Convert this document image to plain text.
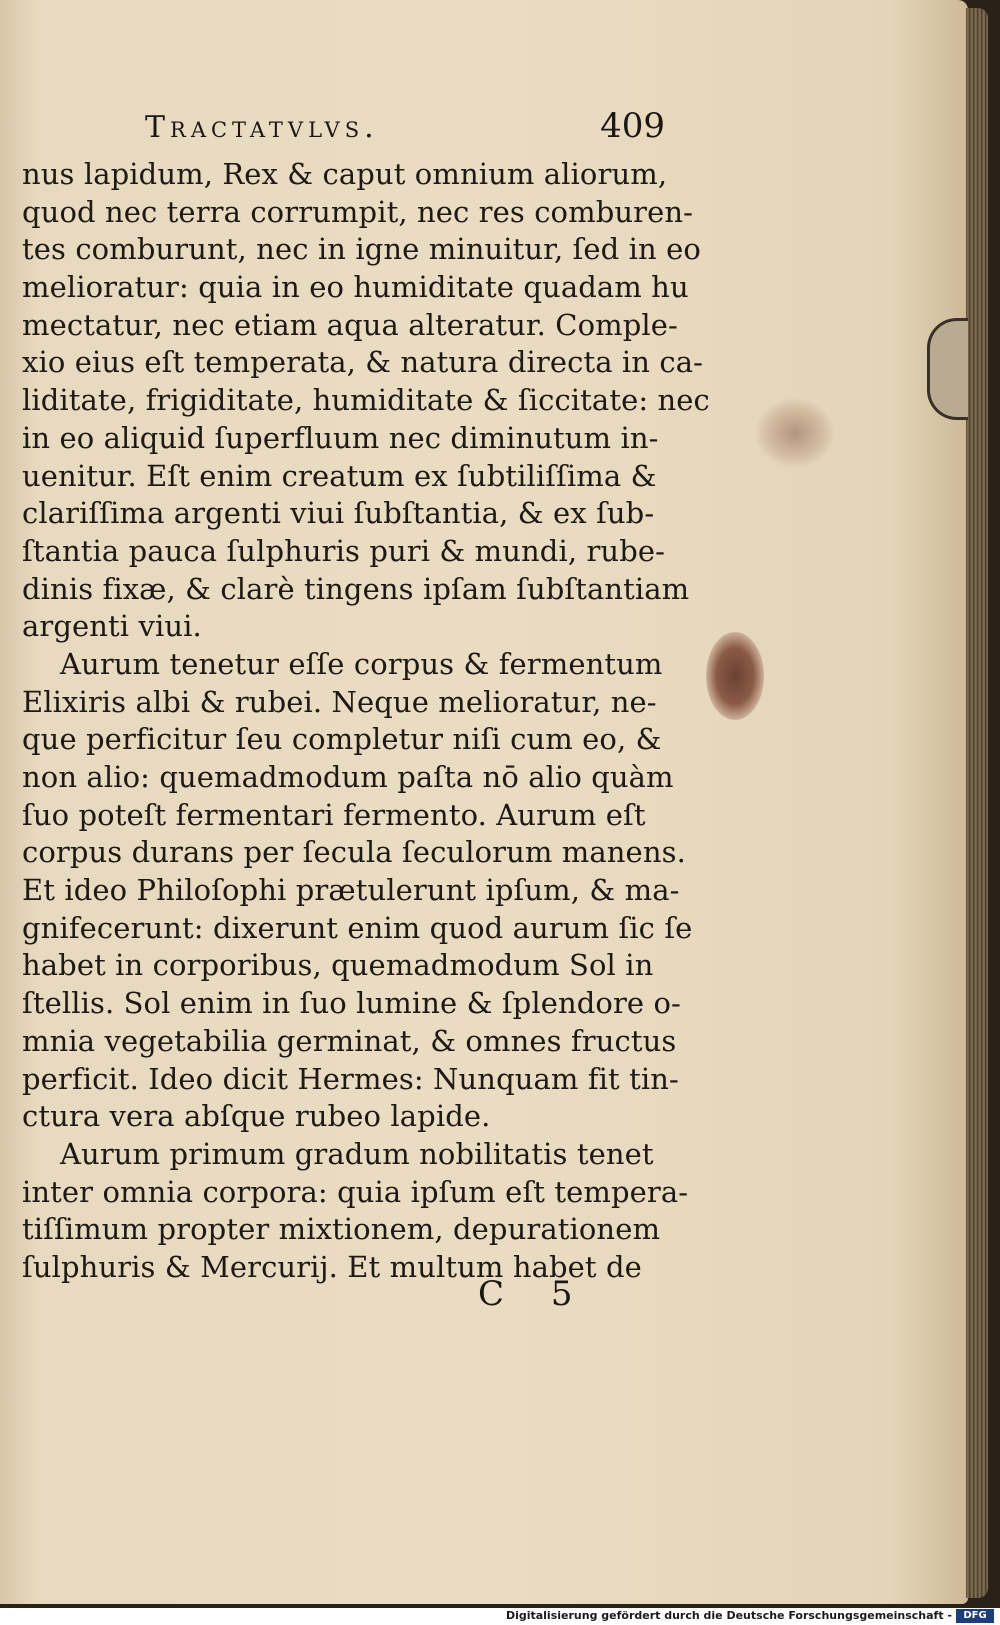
Tractatvlvs.	409
nus lapidum, Rex & caput omnium aliorum,
quod nec terra corrumpit, nec res comburen-
tes comburunt, nec in igne minuitur, ſed in eo
melioratur: quia in eo humiditate quadam hu
mectatur, nec etiam aqua alteratur. Comple-
xio eius eſt temperata, & natura directa in ca-
liditate, frigiditate, humiditate & ſiccitate: nec
in eo aliquid ſuperfluum nec diminutum in-
uenitur. Eſt enim creatum ex ſubtiliſſima &
clariſſima argenti viui ſubſtantia, & ex ſub-
ſtantia pauca ſulphuris puri & mundi, rube-
dinis fixæ, & clarè tingens ipſam ſubſtantiam
argenti viui.
Aurum tenetur eſſe corpus & fermentum
Elixiris albi & rubei. Neque melioratur, ne-
que perficitur ſeu completur niſi cum eo, &
non alio: quemadmodum paſta nō alio quàm
ſuo poteſt fermentari fermento. Aurum eſt
corpus durans per ſecula ſeculorum manens.
Et ideo Philoſophi prætulerunt ipſum, & ma-
gnifecerunt: dixerunt enim quod aurum ſic ſe
habet in corporibus, quemadmodum Sol in
ſtellis. Sol enim in ſuo lumine & ſplendore o-
mnia vegetabilia germinat, & omnes fructus
perficit. Ideo dicit Hermes: Nunquam fit tin-
ctura vera abſque rubeo lapide.
Aurum primum gradum nobilitatis tenet
inter omnia corpora: quia ipſum eſt tempera-
tiſſimum propter mixtionem, depurationem
ſulphuris & Mercurij. Et multum habet de
C 5
Digitalisierung gefördert durch die Deutsche Forschungsgemeinschaft -	DFG
